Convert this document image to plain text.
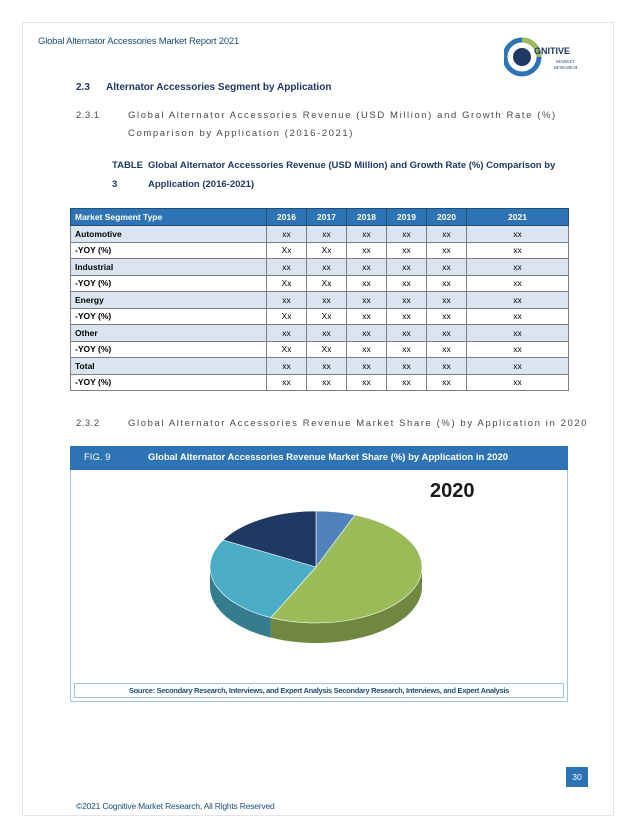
Global Alternator Accessories Market Report 2021
GNITIVE
MARKET
RESEARCH
2.3 Alternator Accessories Segment by Application
2.3.1	Global Alternator Accessories Revenue (USD Million) and Growth Rate (%)
Comparison by Application (2016-2021)
TABLE 3
Global Alternator Accessories Revenue (USD Million) and Growth Rate (%) Comparison by Application (2016-2021)
Market Segment Type	2016	2017	2018	2019	2020	2021
Automotive	xx	xx	xx	xx	xx	xx
-YOY (%)	Xx	Xx	xx	xx	xx	xx
Industrial	xx	xx	xx	xx	xx	xx
-YOY (%)	Xx	Xx	xx	xx	xx	xx
Energy	xx	xx	xx	xx	xx	xx
-YOY (%)	Xx	Xx	xx	xx	xx	xx
Other	xx	xx	xx	xx	xx	xx
-YOY (%)	Xx	Xx	xx	xx	xx	xx
Total	xx	xx	xx	xx	xx	xx
-YOY (%)	xx	xx	xx	xx	xx	xx
2.3.2	Global Alternator Accessories Revenue Market Share (%) by Application in 2020
FIG. 9	Global Alternator Accessories Revenue Market Share (%) by Application in 2020
2020
Source: Secondary Research, Interviews, and Expert Analysis Secondary Research, Interviews, and Expert Analysis
30
©2021 Cognitive Market Research, All Rights Reserved
